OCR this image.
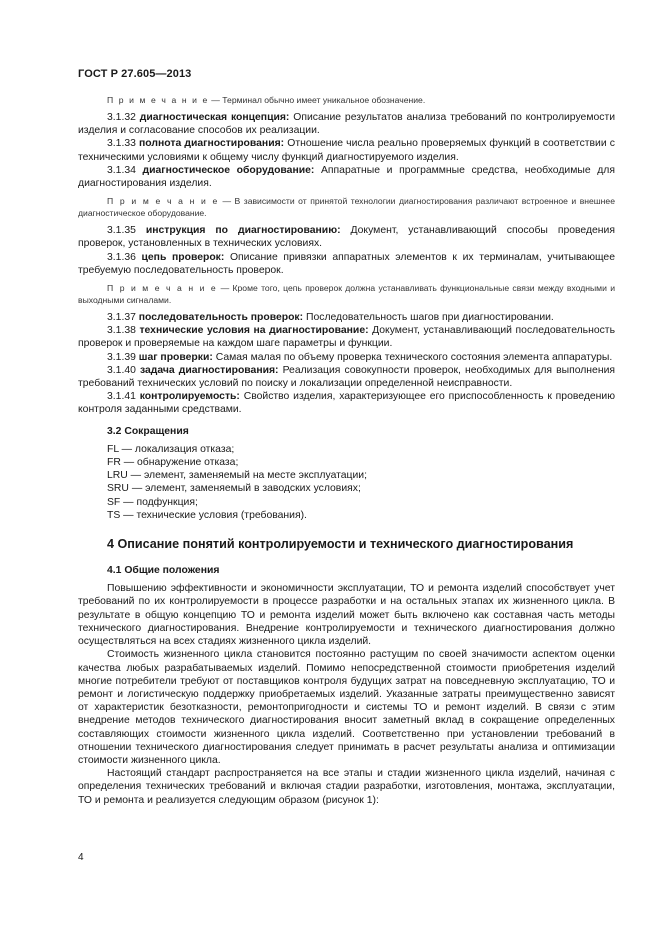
ГОСТ Р 27.605—2013

П р и м е ч а н и е — Терминал обычно имеет уникальное обозначение.

3.1.32 диагностическая концепция: Описание результатов анализа требований по контролируемости изделия и согласование способов их реализации.

3.1.33 полнота диагностирования: Отношение числа реально проверяемых функций в соответствии с техническими условиями к общему числу функций диагностируемого изделия.

3.1.34 диагностическое оборудование: Аппаратные и программные средства, необходимые для диагностирования изделия.

П р и м е ч а н и е — В зависимости от принятой технологии диагностирования различают встроенное и внешнее диагностическое оборудование.

3.1.35 инструкция по диагностированию: Документ, устанавливающий способы проведения проверок, установленных в технических условиях.

3.1.36 цепь проверок: Описание привязки аппаратных элементов к их терминалам, учитывающее требуемую последовательность проверок.

П р и м е ч а н и е — Кроме того, цепь проверок должна устанавливать функциональные связи между входными и выходными сигналами.

3.1.37 последовательность проверок: Последовательность шагов при диагностировании.

3.1.38 технические условия на диагностирование: Документ, устанавливающий последовательность проверок и проверяемые на каждом шаге параметры и функции.

3.1.39 шаг проверки: Самая малая по объему проверка технического состояния элемента аппаратуры.

3.1.40 задача диагностирования: Реализация совокупности проверок, необходимых для выполнения требований технических условий по поиску и локализации определенной неисправности.

3.1.41 контролируемость: Свойство изделия, характеризующее его приспособленность к проведению контроля заданными средствами.

3.2 Сокращения

FL — локализация отказа;

FR — обнаружение отказа;

LRU — элемент, заменяемый на месте эксплуатации;

SRU — элемент, заменяемый в заводских условиях;

SF — подфункция;

TS — технические условия (требования).

4 Описание понятий контролируемости и технического диагностирования

4.1 Общие положения

Повышению эффективности и экономичности эксплуатации, ТО и ремонта изделий способствует учет требований по их контролируемости в процессе разработки и на остальных этапах их жизненного цикла. В результате в общую концепцию ТО и ремонта изделий может быть включено как составная часть методы технического диагностирования. Внедрение контролируемости и технического диагностирования должно осуществляться на всех стадиях жизненного цикла изделий.

Стоимость жизненного цикла становится постоянно растущим по своей значимости аспектом оценки качества любых разрабатываемых изделий. Помимо непосредственной стоимости приобретения изделий многие потребители требуют от поставщиков контроля будущих затрат на повседневную эксплуатацию, ТО и ремонт и логистическую поддержку приобретаемых изделий. Указанные затраты преимущественно зависят от характеристик безотказности, ремонтопригодности и системы ТО и ремонт изделий. В связи с этим внедрение методов технического диагностирования вносит заметный вклад в сокращение определенных составляющих стоимости жизненного цикла изделий. Соответственно при установлении требований в отношении технического диагностирования следует принимать в расчет результаты анализа и оптимизации стоимости жизненного цикла.

Настоящий стандарт распространяется на все этапы и стадии жизненного цикла изделий, начиная с определения технических требований и включая стадии разработки, изготовления, монтажа, эксплуатации, ТО и ремонта и реализуется следующим образом (рисунок 1):

4
